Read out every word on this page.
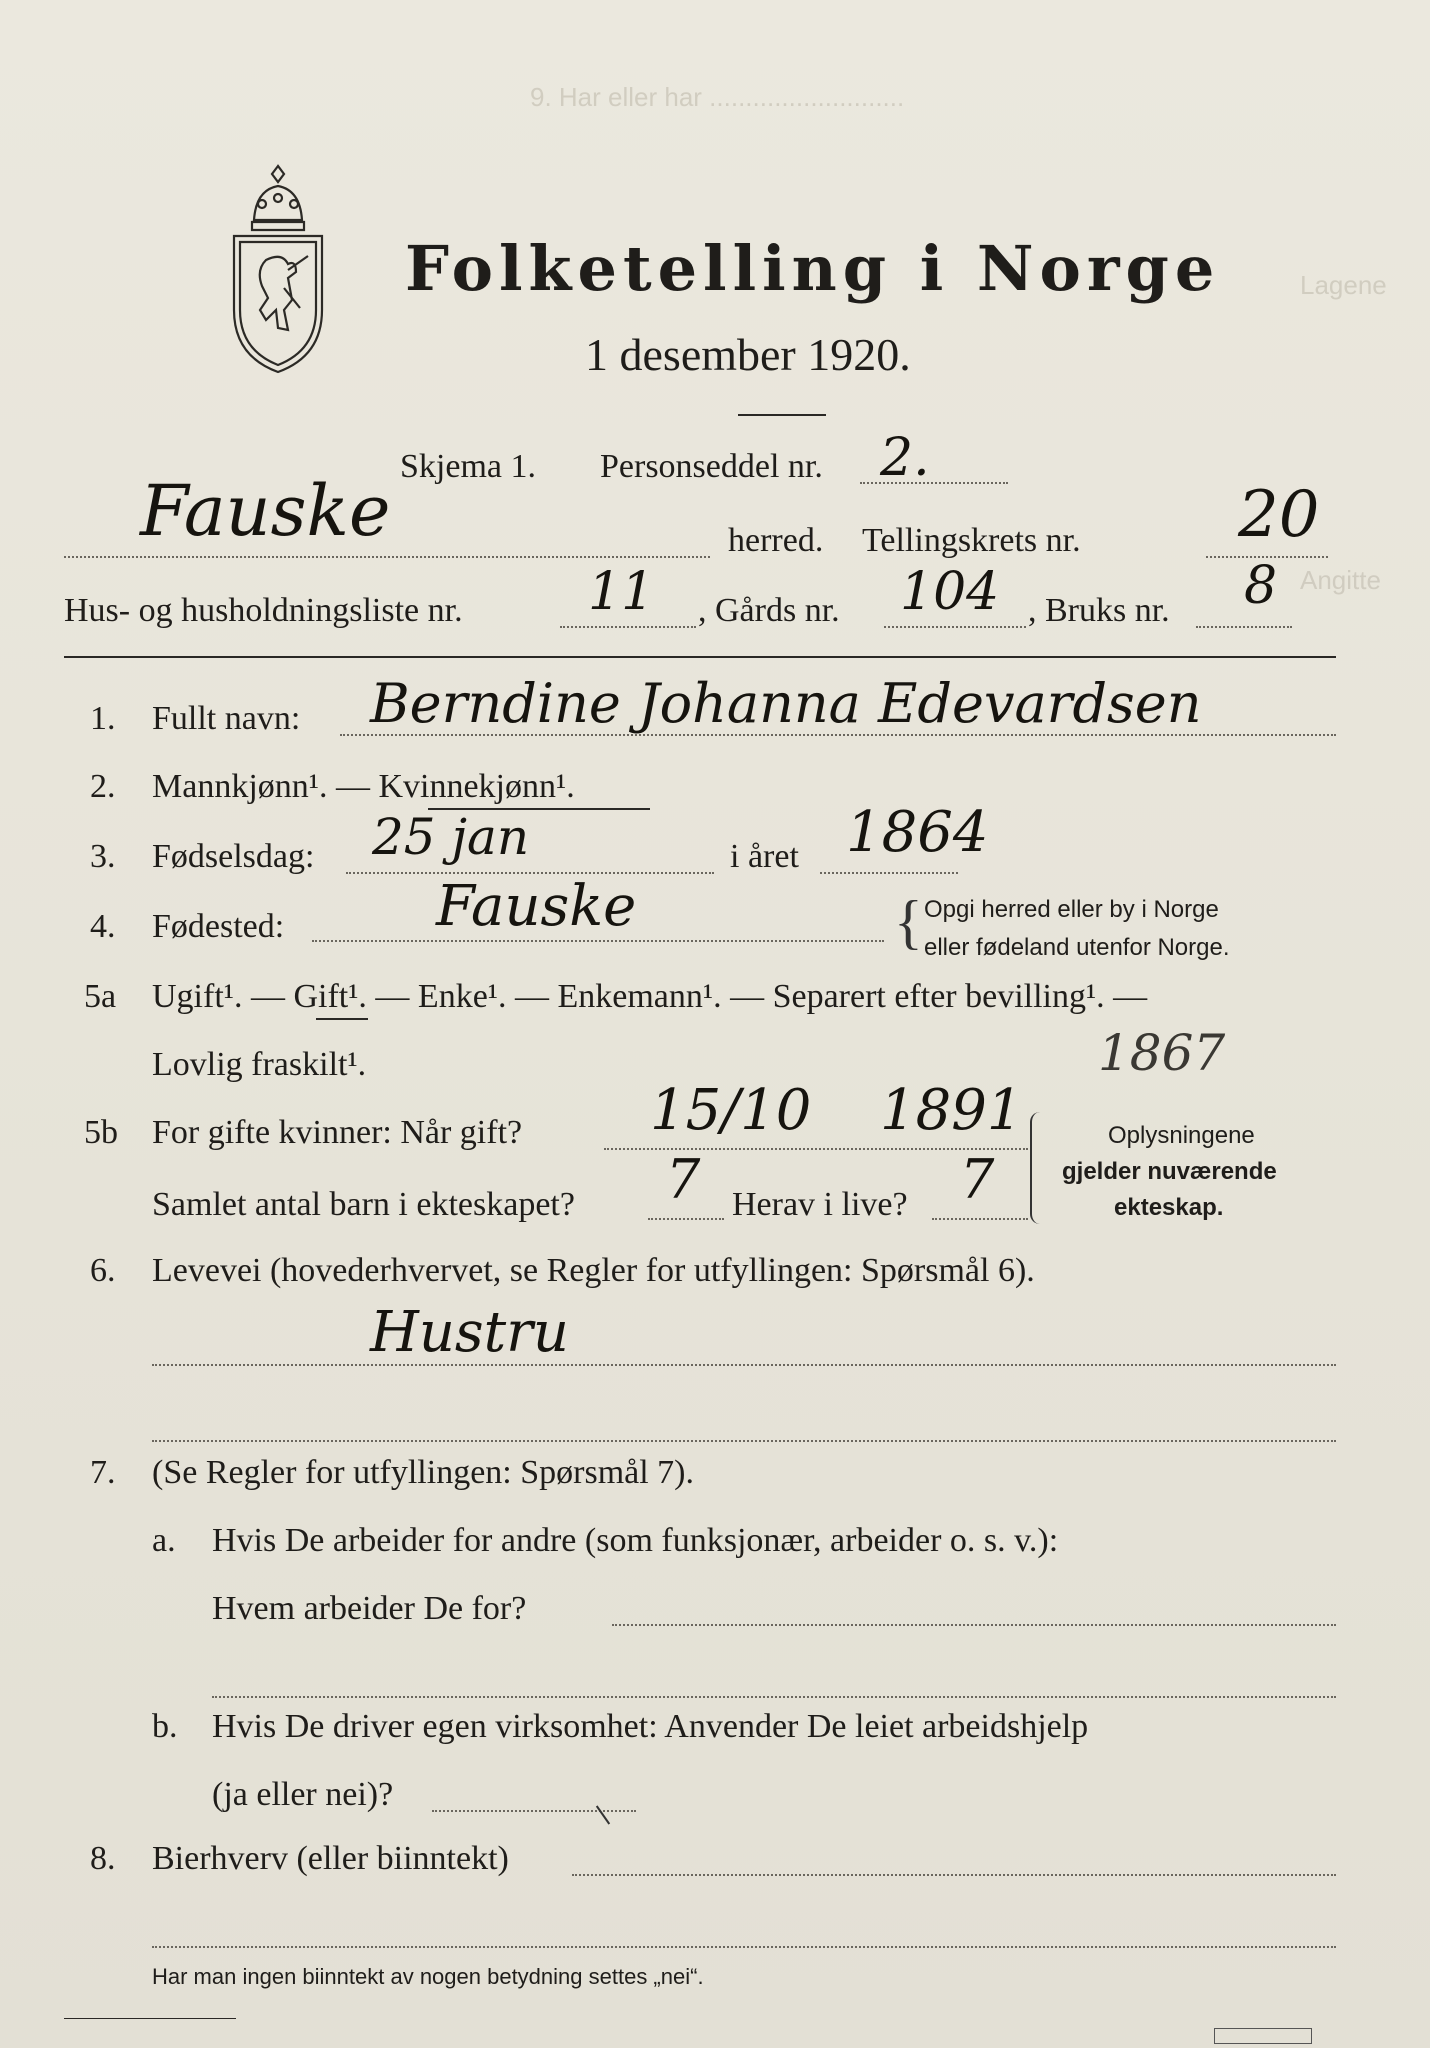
9. Har eller har ...........................
Lagene
Angitte
Folketelling i Norge
1 desember 1920.
Fauske
Skjema 1. Personseddel nr. 2.
herred. Tellingskrets nr. 20
Hus- og husholdningsliste nr. 11 , Gårds nr. 104 , Bruks nr. 8
1. Fullt navn: Berndine Johanna Edevardsen
2. Mannkjønn¹. — Kvinnekjønn¹.
3. Fødselsdag: 25 jan	i året 1864
4. Fødested:	Fauske	{ Opgi herred eller by i Norge
eller fødeland utenfor Norge.
5a Ugift¹. — Gift¹. — Enke¹. — Enkemann¹. — Separert efter bevilling¹. —
Lovlig fraskilt¹.	1867
5b For gifte kvinner: Når gift? 15/10 1891
Samlet antal barn i ekteskapet? 7 Herav i live? 7
Oplysningene
gjelder nuværende
ekteskap.
6. Levevei (hovederhvervet, se Regler for utfyllingen: Spørsmål 6).
Hustru
7. (Se Regler for utfyllingen: Spørsmål 7).
a. Hvis De arbeider for andre (som funksjonær, arbeider o. s. v.):
Hvem arbeider De for?
b. Hvis De driver egen virksomhet: Anvender De leiet arbeidshjelp
(ja eller nei)?
8. Bierhverv (eller biinntekt)
Har man ingen biinntekt av nogen betydning settes „nei“.
